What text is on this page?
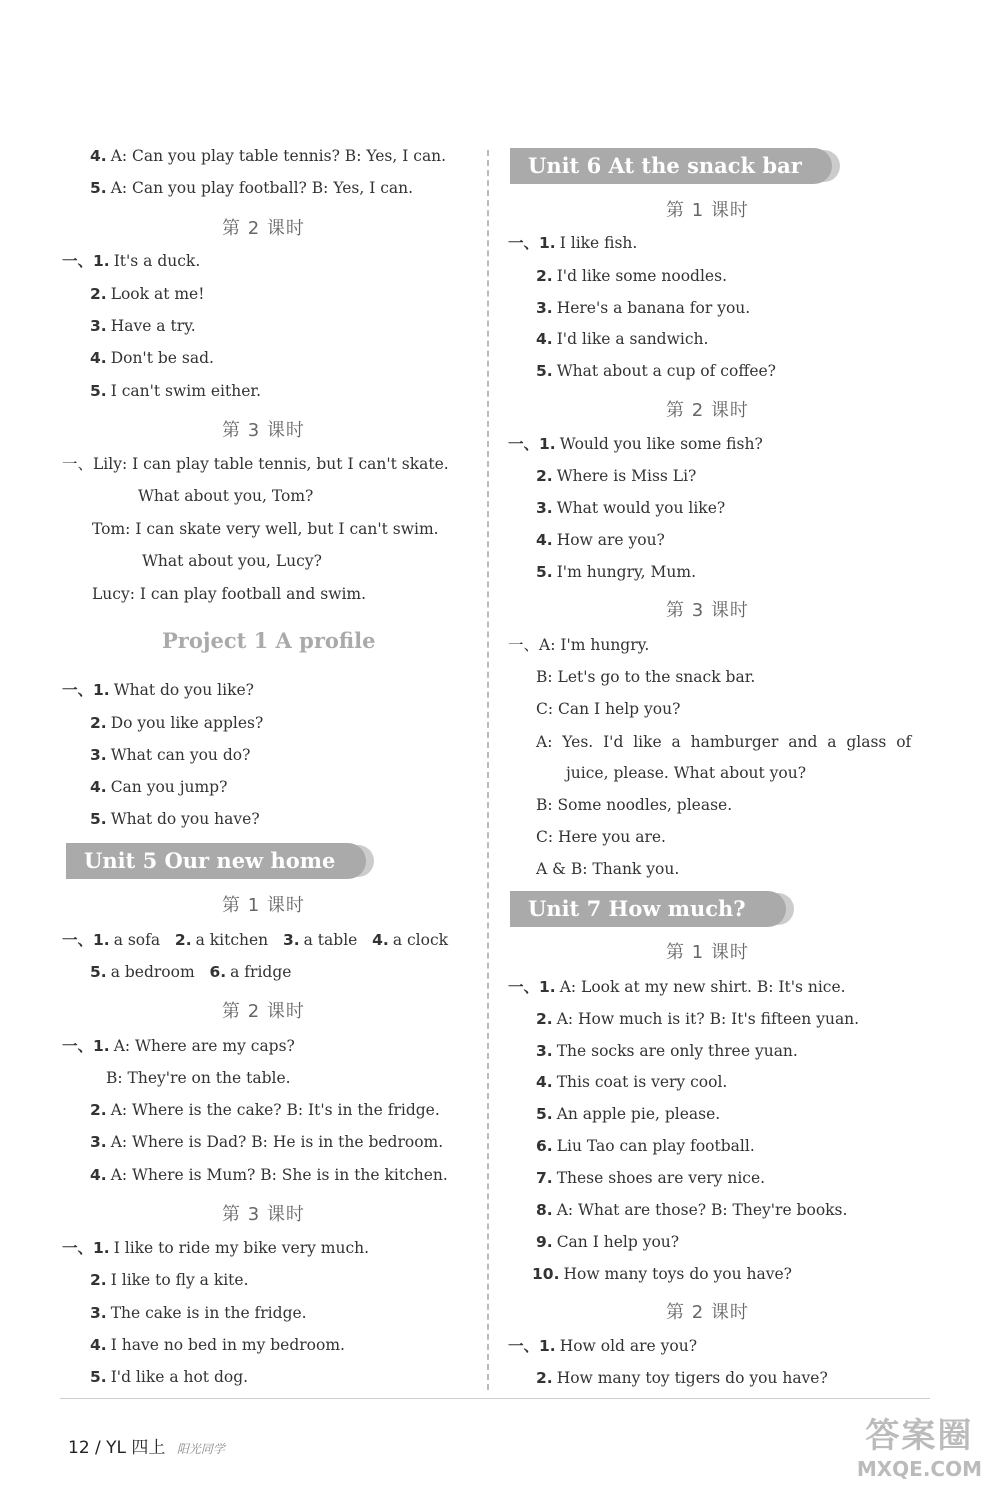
4. A: Can you play table tennis? B: Yes, I can.
5. A: Can you play football? B: Yes, I can.
第 2 课时
一、1. It's a duck.
2. Look at me!
3. Have a try.
4. Don't be sad.
5. I can't swim either.
第 3 课时
一、Lily: I can play table tennis, but I can't skate.
What about you, Tom?
Tom: I can skate very well, but I can't swim.
What about you, Lucy?
Lucy: I can play football and swim.
Project 1 A profile
一、1. What do you like?
2. Do you like apples?
3. What can you do?
4. Can you jump?
5. What do you have?
Unit 5 Our new home
第 1 课时
一、1. a sofa 2. a kitchen 3. a table 4. a clock
5. a bedroom 6. a fridge
第 2 课时
一、1. A: Where are my caps?
B: They're on the table.
2. A: Where is the cake? B: It's in the fridge.
3. A: Where is Dad? B: He is in the bedroom.
4. A: Where is Mum? B: She is in the kitchen.
第 3 课时
一、1. I like to ride my bike very much.
2. I like to fly a kite.
3. The cake is in the fridge.
4. I have no bed in my bedroom.
5. I'd like a hot dog.
Unit 6 At the snack bar
第 1 课时
一、1. I like fish.
2. I'd like some noodles.
3. Here's a banana for you.
4. I'd like a sandwich.
5. What about a cup of coffee?
第 2 课时
一、1. Would you like some fish?
2. Where is Miss Li?
3. What would you like?
4. How are you?
5. I'm hungry, Mum.
第 3 课时
一、A: I'm hungry.
B: Let's go to the snack bar.
C: Can I help you?
A:  Yes.  I'd  like  a  hamburger  and  a  glass  of
juice, please. What about you?
B: Some noodles, please.
C: Here you are.
A & B: Thank you.
Unit 7 How much?
第 1 课时
一、1. A: Look at my new shirt. B: It's nice.
2. A: How much is it? B: It's fifteen yuan.
3. The socks are only three yuan.
4. This coat is very cool.
5. An apple pie, please.
6. Liu Tao can play football.
7. These shoes are very nice.
8. A: What are those? B: They're books.
9. Can I help you?
10. How many toys do you have?
第 2 课时
一、1. How old are you?
2. How many toy tigers do you have?
12 / YL 四上 阳光同学	答案圈
MXQE.COM
